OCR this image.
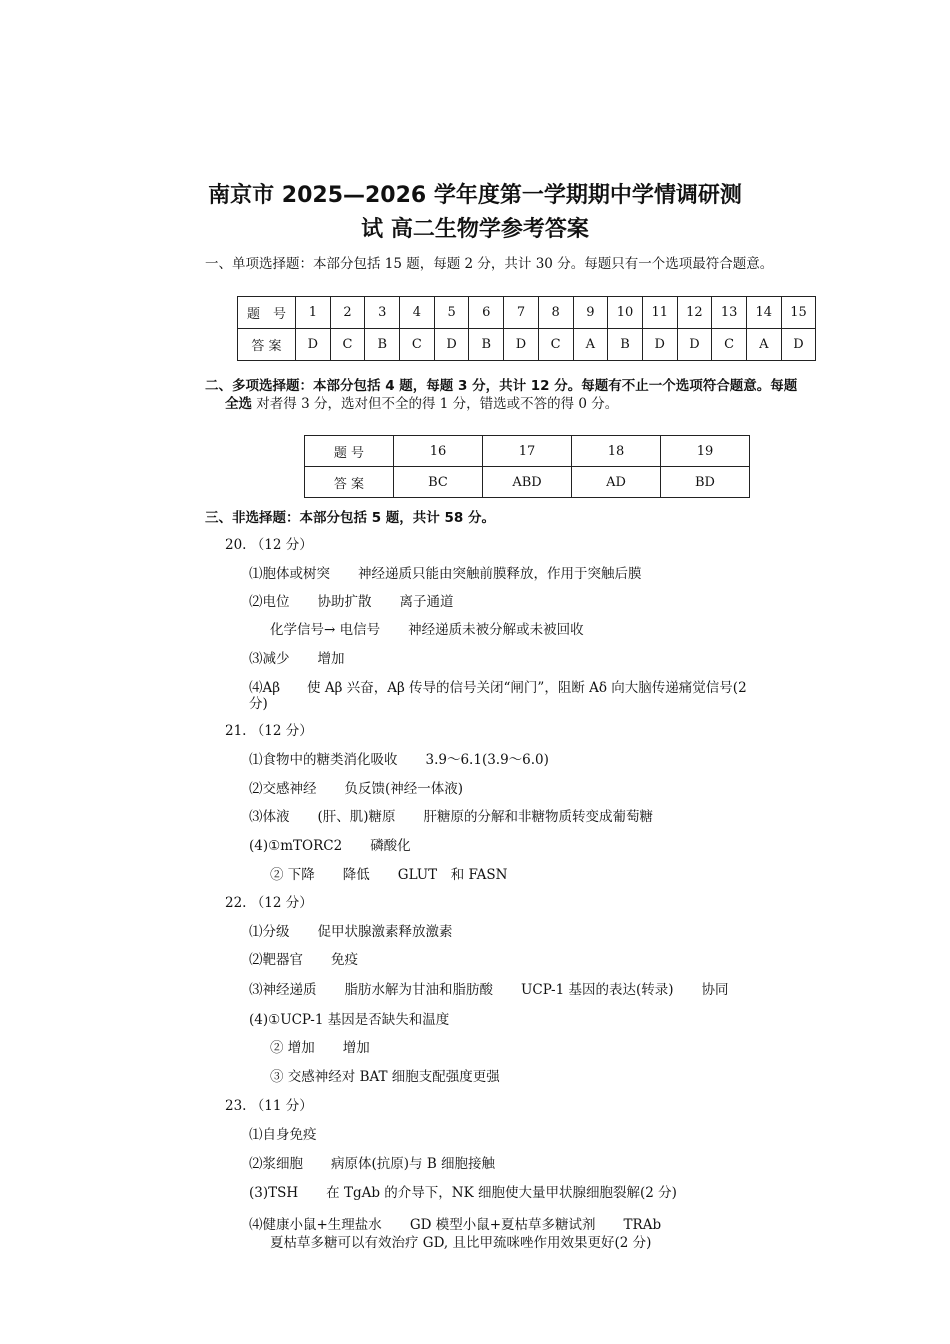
南京市 2025—2026 学年度第一学期期中学情调研测
试 高二生物学参考答案
一、单项选择题：本部分包括 15 题，每题 2 分，共计 30 分。每题只有一个选项最符合题意。
题　号	1	2	3	4	5	6	7	8	9	10	11	12	13	14	15
答 案	D	C	B	C	D	B	D	C	A	B	D	D	C	A	D
二、多项选择题：本部分包括 4 题，每题 3 分，共计 12 分。每题有不止一个选项符合题意。每题
全选 对者得 3 分，选对但不全的得 1 分，错选或不答的得 0 分。
题 号	16	17	18	19
答 案	BC	ABD	AD	BD
三、非选择题：本部分包括 5 题，共计 58 分。
20. （12 分）
⑴胞体或树突 神经递质只能由突触前膜释放，作用于突触后膜
⑵电位 协助扩散 离子通道
化学信号→ 电信号 神经递质未被分解或未被回收
⑶减少 增加
⑷Aβ　　使 Aβ 兴奋，Aβ 传导的信号关闭“闸门”，阻断 Aδ 向大脑传递痛觉信号(2
分)
21. （12 分）
⑴食物中的糖类消化吸收 3.9～6.1(3.9～6.0)
⑵交感神经 负反馈(神经一体液)
⑶体液 (肝、肌)糖原 肝糖原的分解和非糖物质转变成葡萄糖
(4)①mTORC2 磷酸化
② 下降 降低 GLUT　和 FASN
22. （12 分）
⑴分级 促甲状腺激素释放激素
⑵靶器官 免疫
⑶神经递质 脂肪水解为甘油和脂肪酸 UCP-1 基因的表达(转录) 协同
(4)①UCP-1 基因是否缺失和温度
② 增加 增加
③ 交感神经对 BAT 细胞支配强度更强
23. （11 分）
⑴自身免疫
⑵浆细胞 病原体(抗原)与 B 细胞接触
(3)TSH 在 TgAb 的介导下，NK 细胞使大量甲状腺细胞裂解(2 分)
⑷健康小鼠+生理盐水 GD 模型小鼠+夏枯草多糖试剂 TRAb
夏枯草多糖可以有效治疗 GD, 且比甲巯咪唑作用效果更好(2 分)
